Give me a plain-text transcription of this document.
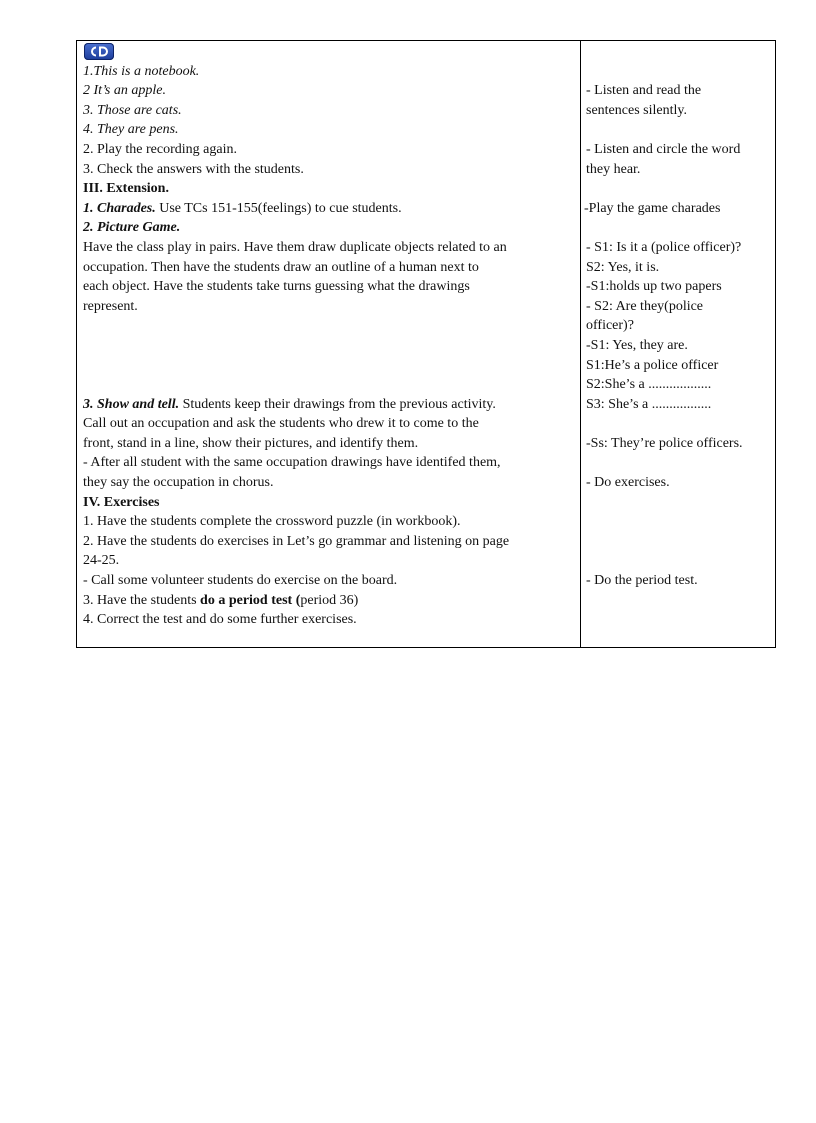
1.This is a notebook.
2 It’s an apple.
3. Those are cats.
4. They are pens.
2. Play the recording again.
3. Check the answers with the students.
III. Extension.
1. Charades. Use TCs 151-155(feelings) to cue students.
2. Picture Game.
Have the class play in pairs. Have them draw duplicate objects related to an
occupation. Then have the students draw an outline of a human next to
each object. Have the students take turns guessing what the drawings
represent.
3. Show and tell. Students keep their drawings from the previous activity.
Call out an occupation and ask the students who drew it to come to the
front, stand in a line, show their pictures, and identify them.
- After all student with the same occupation drawings have identifed them,
they say the occupation in chorus.
IV. Exercises
1. Have the students complete the crossword puzzle (in workbook).
2. Have the students do exercises in Let’s go grammar and listening on page
24-25.
- Call some volunteer students do exercise on the board.
3. Have the students do a period test (period 36)
4. Correct the test and do some further exercises.
- Listen and read the
sentences silently.
- Listen and circle the word
they hear.
-Play the game charades
- S1: Is it a (police officer)?
S2: Yes, it is.
-S1:holds up two papers
- S2: Are they(police
officer)?
-S1: Yes, they are.
S1:He’s a police officer
S2:She’s a ..................
S3: She’s a .................
-Ss: They’re police officers.
- Do exercises.
- Do the period test.
